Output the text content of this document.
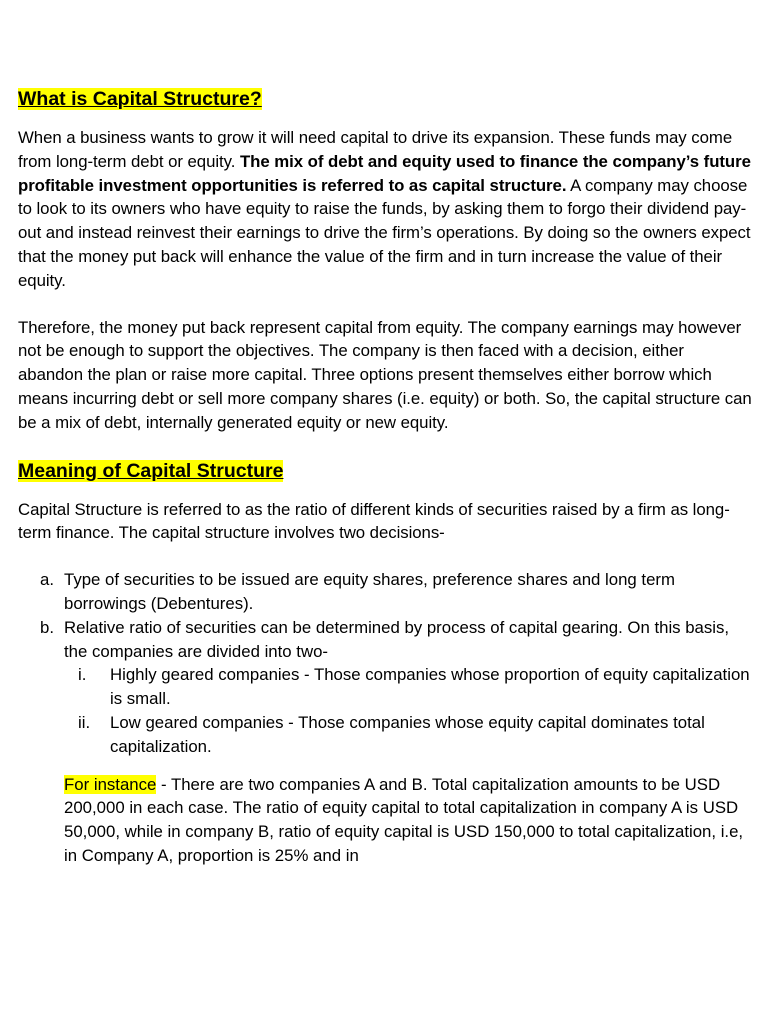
What is Capital Structure?

When a business wants to grow it will need capital to drive its expansion. These funds may come from long-term debt or equity. The mix of debt and equity used to finance the company’s future profitable investment opportunities is referred to as capital structure. A company may choose to look to its owners who have equity to raise the funds, by asking them to forgo their dividend pay-out and instead reinvest their earnings to drive the firm’s operations. By doing so the owners expect that the money put back will enhance the value of the firm and in turn increase the value of their equity.

Therefore, the money put back represent capital from equity. The company earnings may however not be enough to support the objectives. The company is then faced with a decision, either abandon the plan or raise more capital. Three options present themselves either borrow which means incurring debt or sell more company shares (i.e. equity) or both. So, the capital structure can be a mix of debt, internally generated equity or new equity.

Meaning of Capital Structure

Capital Structure is referred to as the ratio of different kinds of securities raised by a firm as long-term finance. The capital structure involves two decisions-

a. Type of securities to be issued are equity shares, preference shares and long term borrowings (Debentures).
b. Relative ratio of securities can be determined by process of capital gearing. On this basis, the companies are divided into two-
i. Highly geared companies - Those companies whose proportion of equity capitalization is small.
ii. Low geared companies - Those companies whose equity capital dominates total capitalization.

For instance - There are two companies A and B. Total capitalization amounts to be USD 200,000 in each case. The ratio of equity capital to total capitalization in company A is USD 50,000, while in company B, ratio of equity capital is USD 150,000 to total capitalization, i.e, in Company A, proportion is 25% and in
